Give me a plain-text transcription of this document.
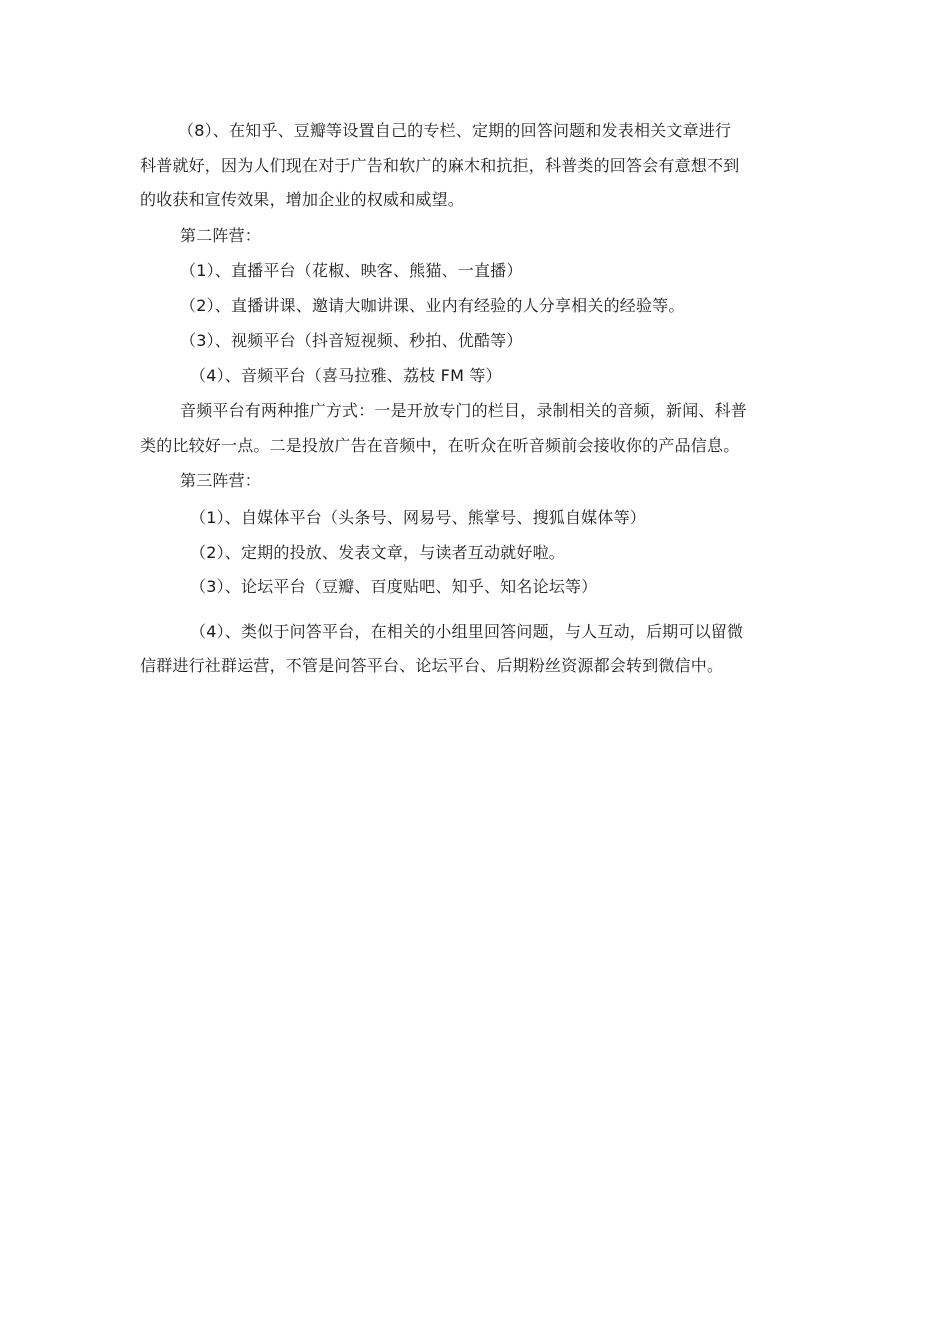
（8）、在知乎、豆瓣等设置自己的专栏、定期的回答问题和发表相关文章进行
科普就好，因为人们现在对于广告和软广的麻木和抗拒，科普类的回答会有意想不到
的收获和宣传效果，增加企业的权威和威望。
第二阵营：
（1）、直播平台（花椒、映客、熊猫、一直播）
（2）、直播讲课、邀请大咖讲课、业内有经验的人分享相关的经验等。
（3）、视频平台（抖音短视频、秒拍、优酷等）
（4）、音频平台（喜马拉雅、荔枝 FM 等）
音频平台有两种推广方式：一是开放专门的栏目，录制相关的音频，新闻、科普
类的比较好一点。二是投放广告在音频中，在听众在听音频前会接收你的产品信息。
第三阵营：
（1）、自媒体平台（头条号、网易号、熊掌号、搜狐自媒体等）
（2）、定期的投放、发表文章，与读者互动就好啦。
（3）、论坛平台（豆瓣、百度贴吧、知乎、知名论坛等）
（4）、类似于问答平台，在相关的小组里回答问题，与人互动，后期可以留微
信群进行社群运营，不管是问答平台、论坛平台、后期粉丝资源都会转到微信中。
